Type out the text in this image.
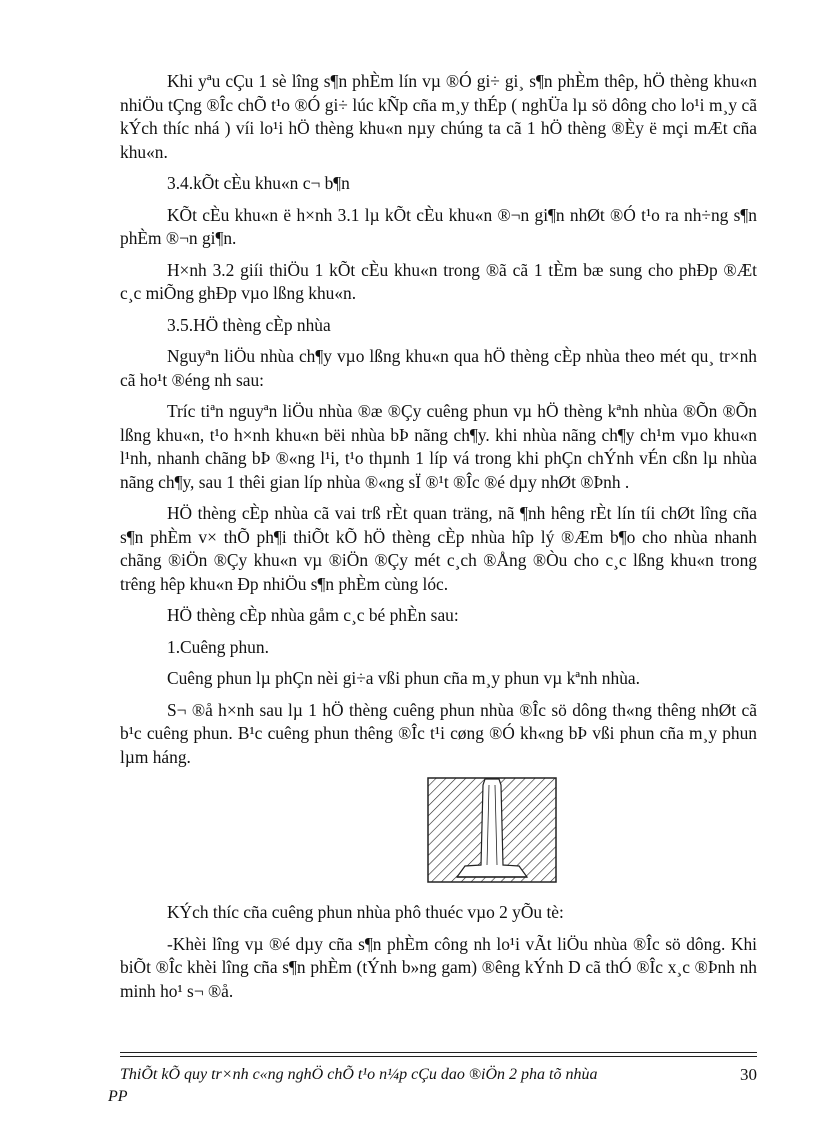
Khi yªu cÇu 1 sè lîng s¶n phÈm lín vµ ®Ó gi÷ gi¸ s¶n phÈm thêp, hÖ thèng khu«n nhiÖu tÇng ®Îc chÕ t¹o ®Ó gi÷ lúc kÑp cña m¸y thÉp ( nghÜa lµ sö dông cho lo¹i m¸y cã kÝch thíc nhá ) víi lo¹i hÖ thèng khu«n nµy chúng ta cã 1 hÖ thèng ®Èy ë mçi mÆt cña khu«n.

3.4.kÕt cÈu khu«n c¬ b¶n

KÕt cÈu khu«n ë h×nh 3.1 lµ kÕt cÈu khu«n ®¬n gi¶n nhØt ®Ó t¹o ra nh÷ng s¶n phÈm ®¬n gi¶n.

H×nh 3.2 giíi thiÖu 1 kÕt cÈu khu«n trong ®ã cã 1 tÈm bæ sung cho phÐp ®Æt c¸c miÕng ghÐp vµo lßng khu«n.

3.5.HÖ thèng cÈp nhùa

Nguyªn liÖu nhùa ch¶y vµo lßng khu«n qua hÖ thèng cÈp nhùa theo mét qu¸ tr×nh cã ho¹t ®éng nh sau:

Tríc tiªn nguyªn liÖu nhùa ®æ ®Çy cuêng phun vµ hÖ thèng kªnh nhùa ®Õn ®Õn lßng khu«n, t¹o h×nh khu«n bëi nhùa bÞ nãng ch¶y. khi nhùa nãng ch¶y ch¹m vµo khu«n l¹nh, nhanh chãng bÞ ®«ng l¹i, t¹o thµnh 1 líp vá trong khi phÇn chÝnh vÉn cßn lµ nhùa nãng ch¶y, sau 1 thêi gian líp nhùa ®«ng sÏ ®¹t ®Îc ®é dµy nhØt ®Þnh .

HÖ thèng cÈp nhùa cã vai trß rÈt quan träng, nã ¶nh hêng rÈt lín tíi chØt lîng cña s¶n phÈm v× thÕ ph¶i thiÕt kÕ hÖ thèng cÈp nhùa hîp lý ®Æm b¶o cho nhùa nhanh chãng ®iÖn ®Çy khu«n vµ ®iÖn ®Çy mét c¸ch ®Ång ®Òu cho c¸c lßng khu«n trong trêng hêp khu«n Ðp nhiÖu s¶n phÈm cùng lóc.

HÖ thèng cÈp nhùa gåm c¸c bé phÈn sau:

1.Cuêng phun.

Cuêng phun lµ phÇn nèi gi÷a vßi phun cña m¸y phun vµ kªnh nhùa.

S¬ ®å h×nh sau lµ 1 hÖ thèng cuêng phun nhùa ®Îc sö dông th«ng thêng nhØt cã b¹c cuêng phun. B¹c cuêng phun thêng ®Îc t¹i cøng ®Ó kh«ng bÞ vßi phun cña m¸y phun lµm háng.

KÝch thíc cña cuêng phun nhùa phô thuéc vµo 2 yÕu tè:

-Khèi lîng vµ ®é dµy cña s¶n phÈm công nh lo¹i vÃt liÖu nhùa ®Îc sö dông. Khi biÕt ®Îc khèi lîng cña s¶n phÈm (tÝnh b»ng gam) ®êng kÝnh D cã thÓ ®Îc x¸c ®Þnh nh minh ho¹ s¬ ®å.

ThiÕt kÕ quy tr×nh c«ng nghÖ chÕ t¹o n¼p cÇu dao ®iÖn 2 pha tõ nhùa	30
PP
